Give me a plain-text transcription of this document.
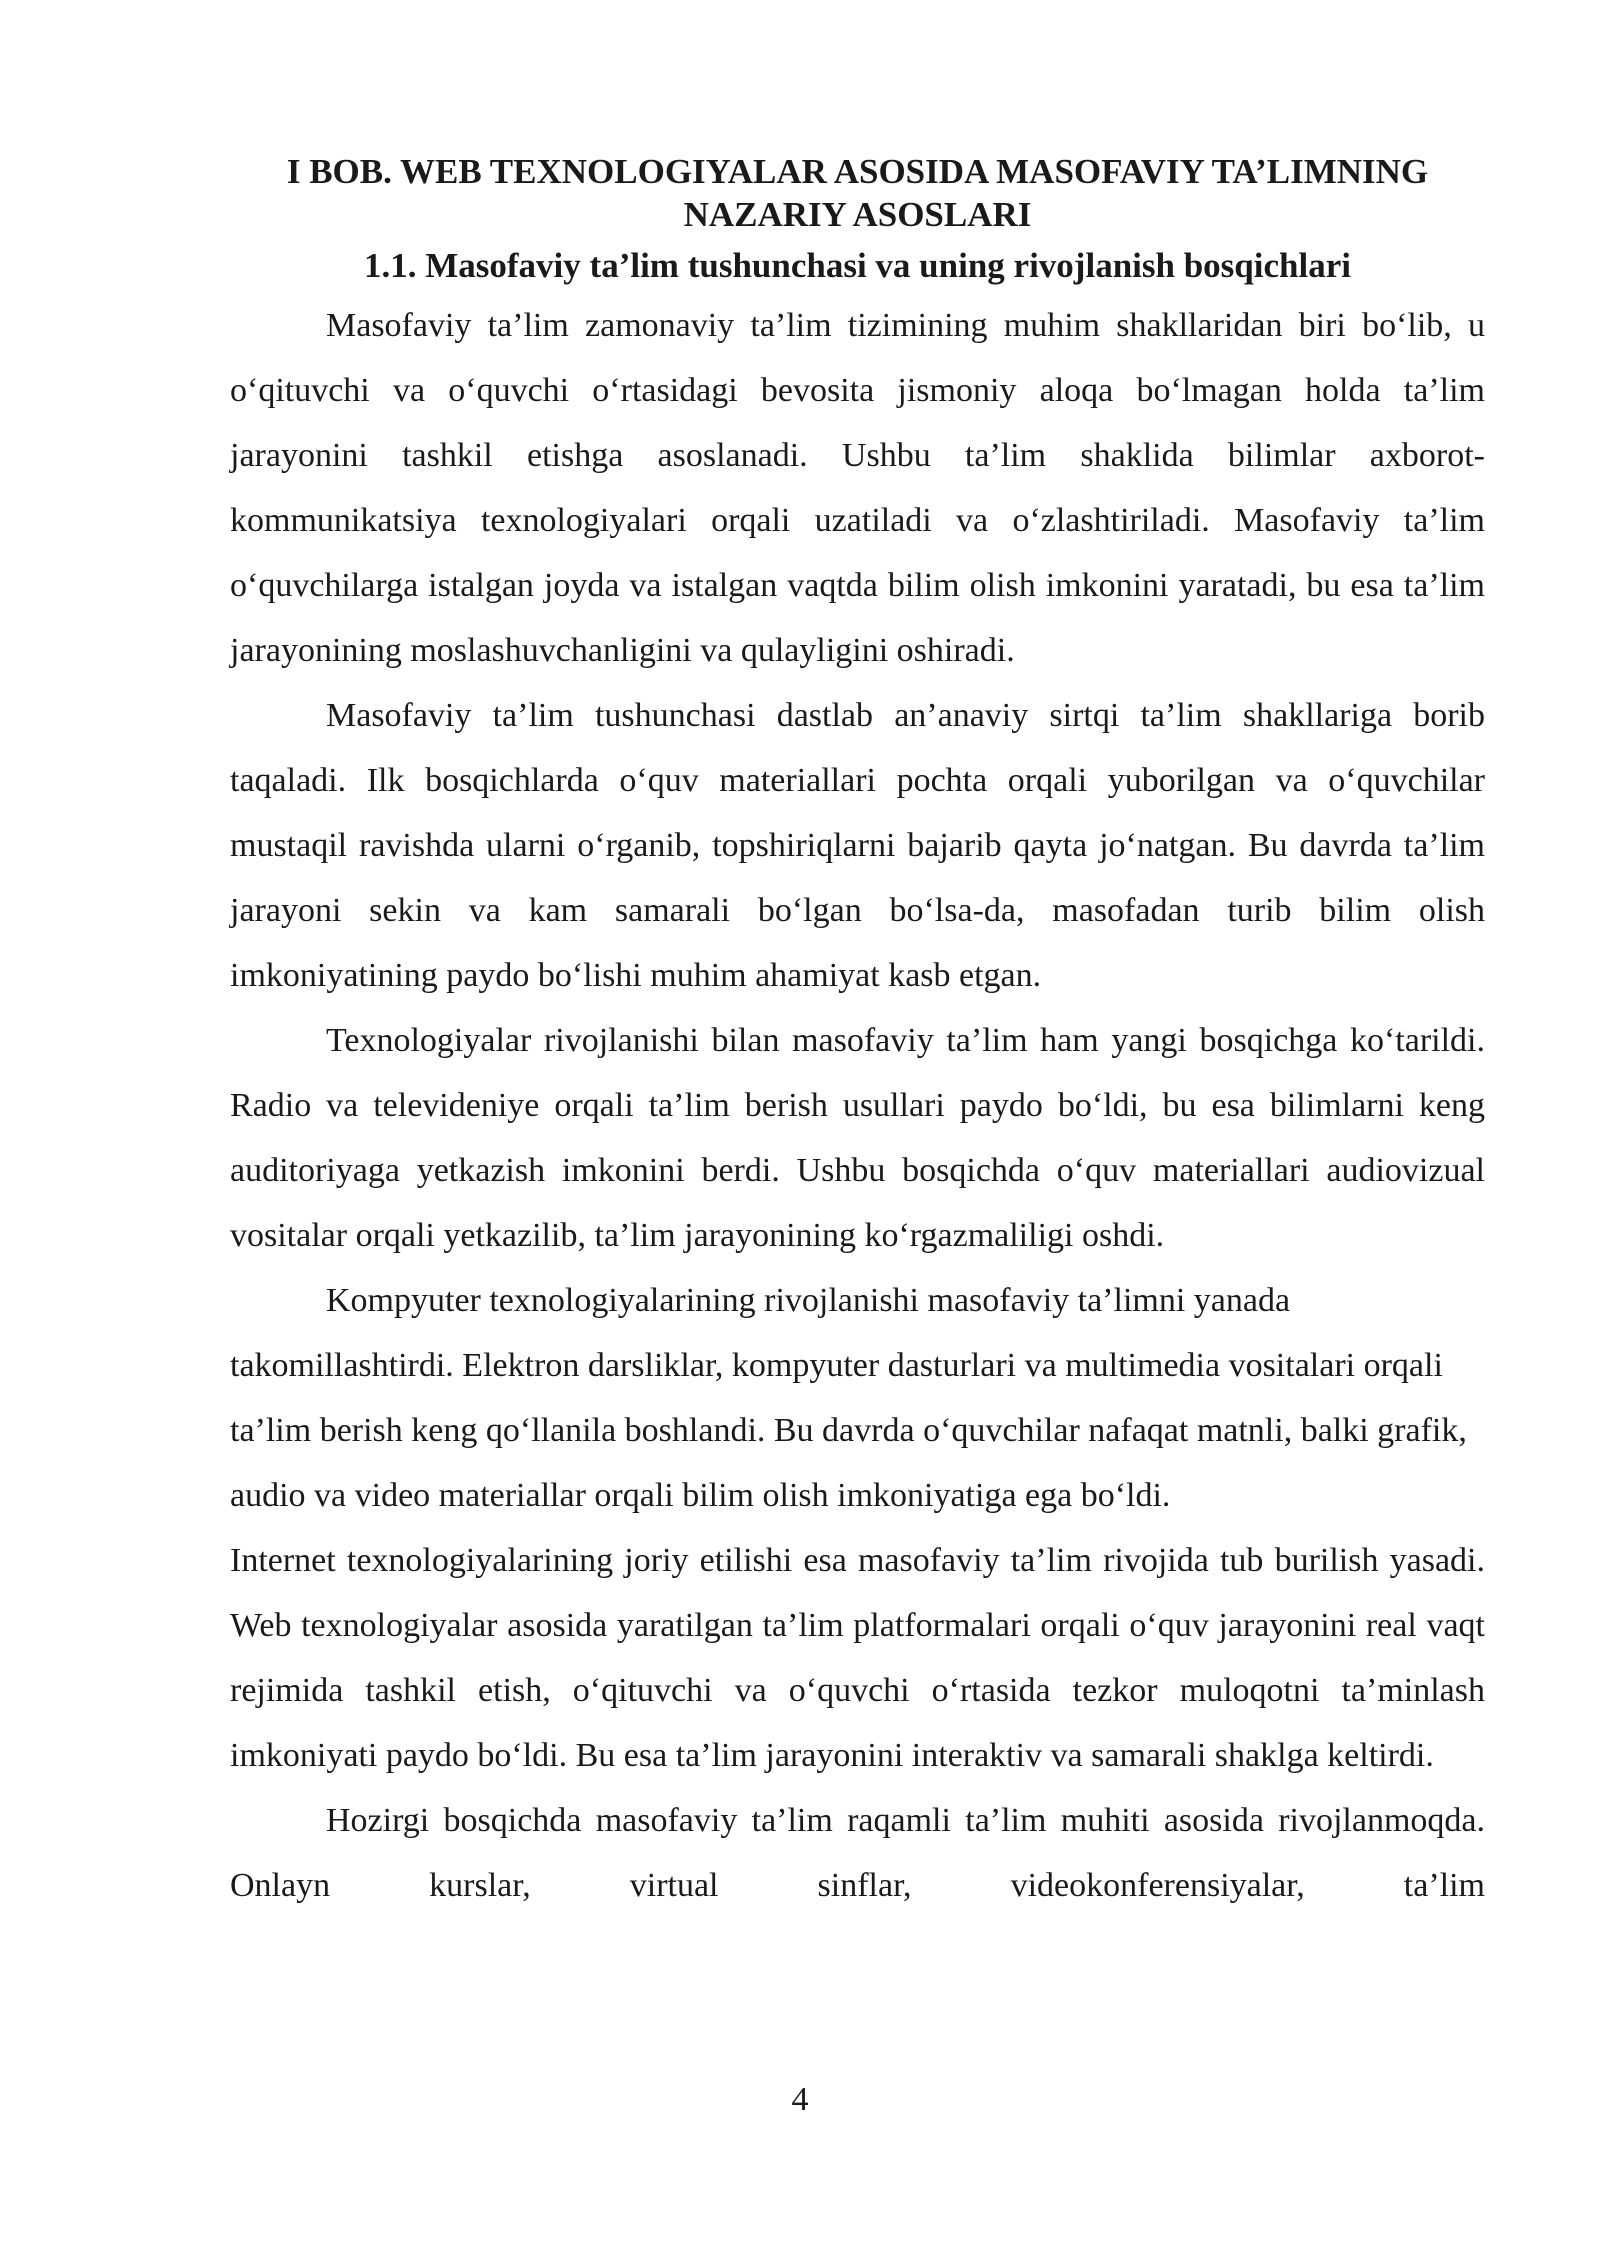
I BOB. WEB TEXNOLOGIYALAR ASOSIDA MASOFAVIY TA’LIMNING NAZARIY ASOSLARI
1.1. Masofaviy ta’lim tushunchasi va uning rivojlanish bosqichlari

Masofaviy ta’lim zamonaviy ta’lim tizimining muhim shakllaridan biri bo‘lib, u o‘qituvchi va o‘quvchi o‘rtasidagi bevosita jismoniy aloqa bo‘lmagan holda ta’lim jarayonini tashkil etishga asoslanadi. Ushbu ta’lim shaklida bilimlar axborot-kommunikatsiya texnologiyalari orqali uzatiladi va o‘zlashtiriladi. Masofaviy ta’lim o‘quvchilarga istalgan joyda va istalgan vaqtda bilim olish imkonini yaratadi, bu esa ta’lim jarayonining moslashuvchanligini va qulayligini oshiradi.

Masofaviy ta’lim tushunchasi dastlab an’anaviy sirtqi ta’lim shakllariga borib taqaladi. Ilk bosqichlarda o‘quv materiallari pochta orqali yuborilgan va o‘quvchilar mustaqil ravishda ularni o‘rganib, topshiriqlarni bajarib qayta jo‘natgan. Bu davrda ta’lim jarayoni sekin va kam samarali bo‘lgan bo‘lsa-da, masofadan turib bilim olish imkoniyatining paydo bo‘lishi muhim ahamiyat kasb etgan.

Texnologiyalar rivojlanishi bilan masofaviy ta’lim ham yangi bosqichga ko‘tarildi. Radio va televideniye orqali ta’lim berish usullari paydo bo‘ldi, bu esa bilimlarni keng auditoriyaga yetkazish imkonini berdi. Ushbu bosqichda o‘quv materiallari audiovizual vositalar orqali yetkazilib, ta’lim jarayonining ko‘rgazmaliligi oshdi.

Kompyuter texnologiyalarining rivojlanishi masofaviy ta’limni yanada takomillashtirdi. Elektron darsliklar, kompyuter dasturlari va multimedia vositalari orqali ta’lim berish keng qo‘llanila boshlandi. Bu davrda o‘quvchilar nafaqat matnli, balki grafik, audio va video materiallar orqali bilim olish imkoniyatiga ega bo‘ldi.

Internet texnologiyalarining joriy etilishi esa masofaviy ta’lim rivojida tub burilish yasadi. Web texnologiyalar asosida yaratilgan ta’lim platformalari orqali o‘quv jarayonini real vaqt rejimida tashkil etish, o‘qituvchi va o‘quvchi o‘rtasida tezkor muloqotni ta’minlash imkoniyati paydo bo‘ldi. Bu esa ta’lim jarayonini interaktiv va samarali shaklga keltirdi.

Hozirgi bosqichda masofaviy ta’lim raqamli ta’lim muhiti asosida rivojlanmoqda. Onlayn kurslar, virtual sinflar, videokonferensiyalar, ta’lim

4
